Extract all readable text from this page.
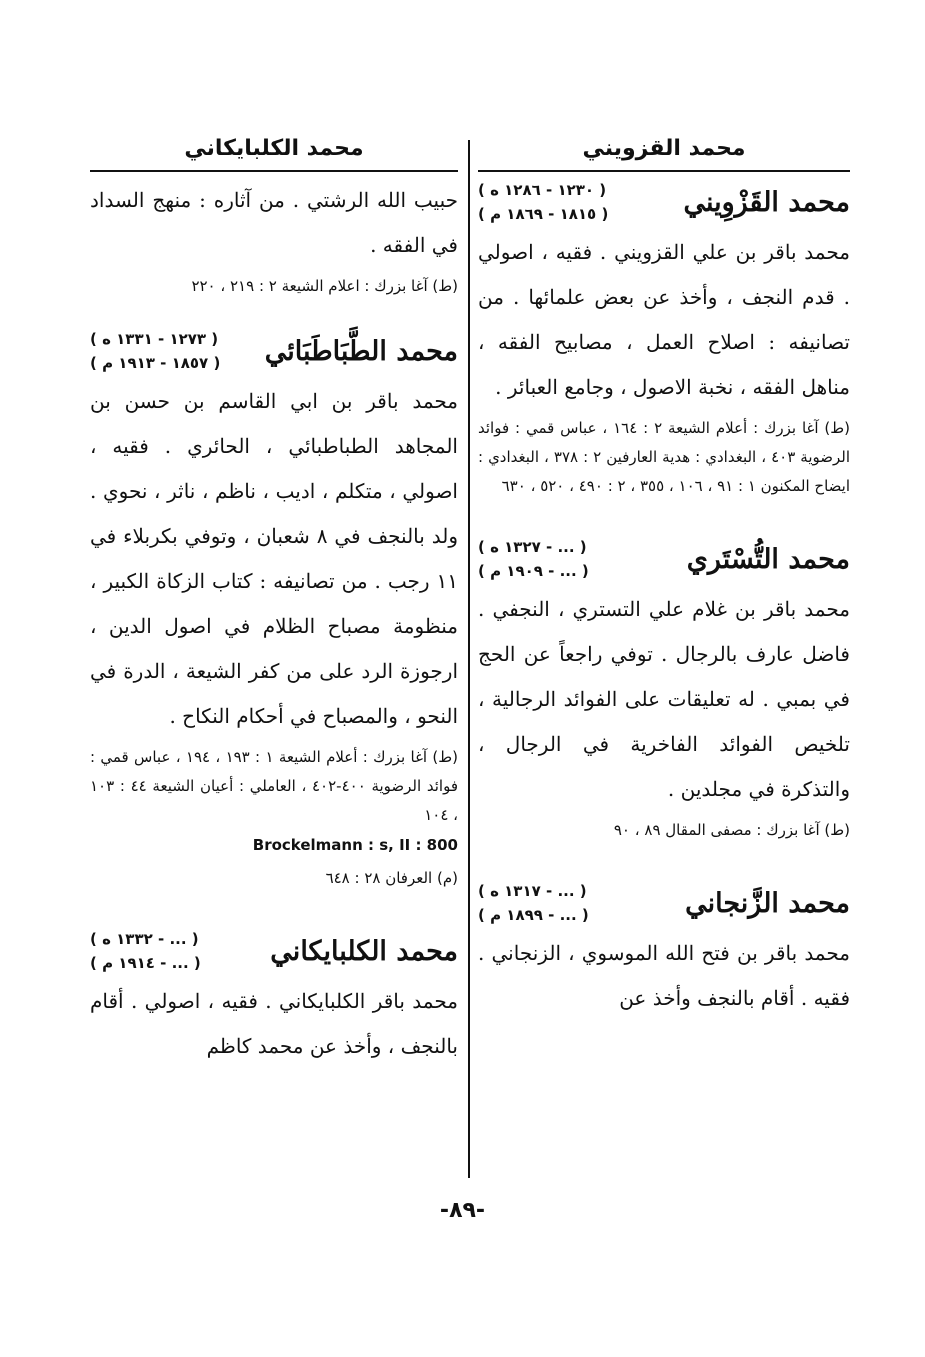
محمد القزويني
محمد القَزْوِيني
( ١٢٣٠ - ١٢٨٦ ه )
( ١٨١٥ - ١٨٦٩ م )

محمد باقر بن علي القزويني . فقيه ، اصولي . قدم النجف ، وأخذ عن بعض علمائها . من تصانيفه : اصلاح العمل ، مصابيح الفقه ، مناهل الفقه ، نخبة الاصول ، وجامع العبائر .

(ط) آغا بزرك : أعلام الشيعة ٢ : ١٦٤ ، عباس قمي : فوائد الرضوية ٤٠٣ ، البغدادي : هدية العارفين ٢ : ٣٧٨ ، البغدادي : ايضاح المكنون ١ : ٩١ ، ١٠٦ ، ٣٥٥ ، ٢ : ٤٩٠ ، ٥٢٠ ، ٦٣٠

محمد التُّسْتَري
( ... - ١٣٢٧ ه )
( ... - ١٩٠٩ م )

محمد باقر بن غلام علي التستري ، النجفي . فاضل عارف بالرجال . توفي راجعاً عن الحج في بمبي . له تعليقات على الفوائد الرجالية ، تلخيص الفوائد الفاخرية في الرجال ، والتذكرة في مجلدين .

(ط) آغا بزرك : مصفى المقال ٨٩ ، ٩٠

محمد الزَّنجاني
( ... - ١٣١٧ ه )
( ... - ١٨٩٩ م )

محمد باقر بن فتح الله الموسوي ، الزنجاني . فقيه . أقام بالنجف وأخذ عن

محمد الكلبايكاني

حبيب الله الرشتي . من آثاره : منهج السداد في الفقه .

(ط) آغا بزرك : اعلام الشيعة ٢ : ٢١٩ ، ٢٢٠

محمد الطَّبَاطَبَائي
( ١٢٧٣ - ١٣٣١ ه )
( ١٨٥٧ - ١٩١٣ م )

محمد باقر بن ابي القاسم بن حسن بن المجاهد الطباطبائي ، الحائري . فقيه ، اصولي ، متكلم ، اديب ، ناظم ، ناثر ، نحوي . ولد بالنجف في ٨ شعبان ، وتوفي بكربلاء في ١١ رجب . من تصانيفه : كتاب الزكاة الكبير ، منظومة مصباح الظلام في اصول الدين ، ارجوزة الرد على من كفر الشيعة ، الدرة في النحو ، والمصباح في أحكام النكاح .

(ط) آغا بزرك : أعلام الشيعة ١ : ١٩٣ ، ١٩٤ ، عباس قمي : فوائد الرضوية ٤٠٠-٤٠٢ ، العاملي : أعيان الشيعة ٤٤ : ١٠٣ ، ١٠٤

Brockelmann : s, II : 800

(م) العرفان ٢٨ : ٦٤٨

محمد الكلبايكاني
( ... - ١٣٣٢ ه )
( ... - ١٩١٤ م )

محمد باقر الكلبايكاني . فقيه ، اصولي . أقام بالنجف ، وأخذ عن محمد كاظم

-٨٩-
